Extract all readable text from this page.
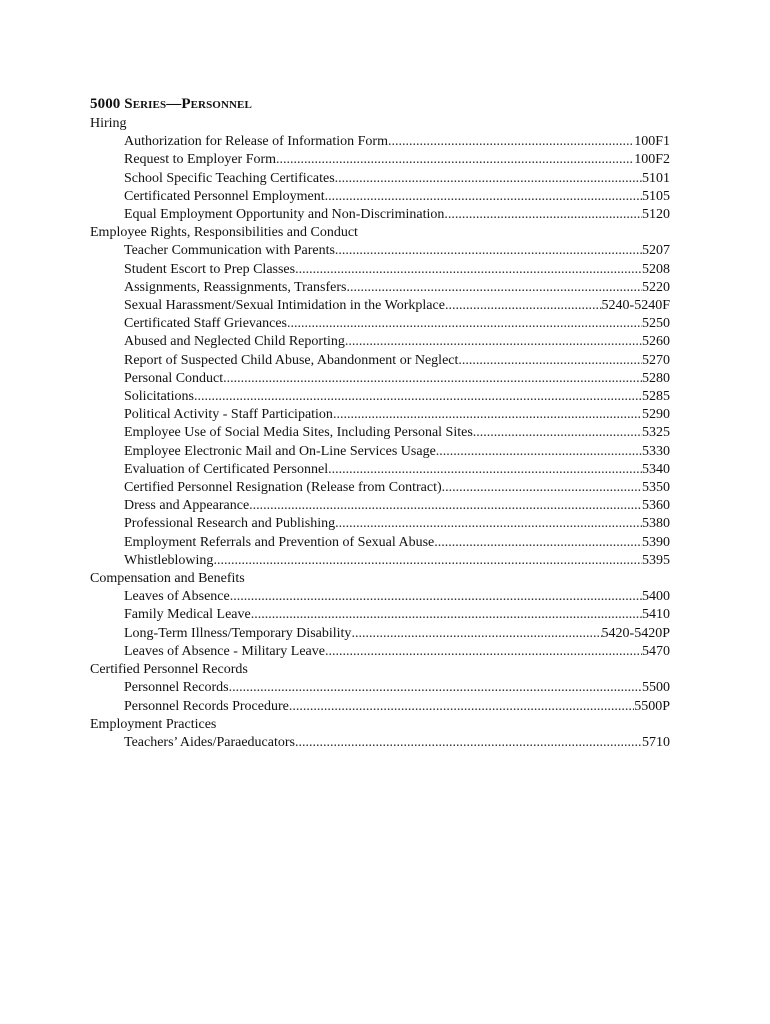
5000 Series—Personnel
Hiring
Authorization for Release of Information Form .....	100F1
Request to Employer Form .....	100F2
School Specific Teaching Certificates .....	5101
Certificated Personnel Employment .....	5105
Equal Employment Opportunity and Non-Discrimination .....	5120
Employee Rights, Responsibilities and Conduct
Teacher Communication with Parents .....	5207
Student Escort to Prep Classes .....	5208
Assignments, Reassignments, Transfers. .....	5220
Sexual Harassment/Sexual Intimidation in the Workplace .....	5240-5240F
Certificated Staff Grievances .....	5250
Abused and Neglected Child Reporting .....	5260
Report of Suspected Child Abuse, Abandonment or Neglect .....	5270
Personal Conduct .....	5280
Solicitations .....	5285
Political Activity - Staff Participation .....	5290
Employee Use of Social Media Sites, Including Personal Sites .....	5325
Employee Electronic Mail and On-Line Services Usage .....	5330
Evaluation of Certificated Personnel .....	5340
Certified Personnel Resignation (Release from Contract) .....	5350
Dress and Appearance .....	5360
Professional Research and Publishing .....	5380
Employment Referrals and Prevention of Sexual Abuse .....	5390
Whistleblowing .....	5395
Compensation and Benefits
Leaves of Absence .....	5400
Family Medical Leave .....	5410
Long-Term Illness/Temporary Disability .....	5420-5420P
Leaves of Absence - Military Leave .....	5470
Certified Personnel Records
Personnel Records .....	5500
Personnel Records Procedure .....	5500P
Employment Practices
Teachers’ Aides/Paraeducators .....	5710
